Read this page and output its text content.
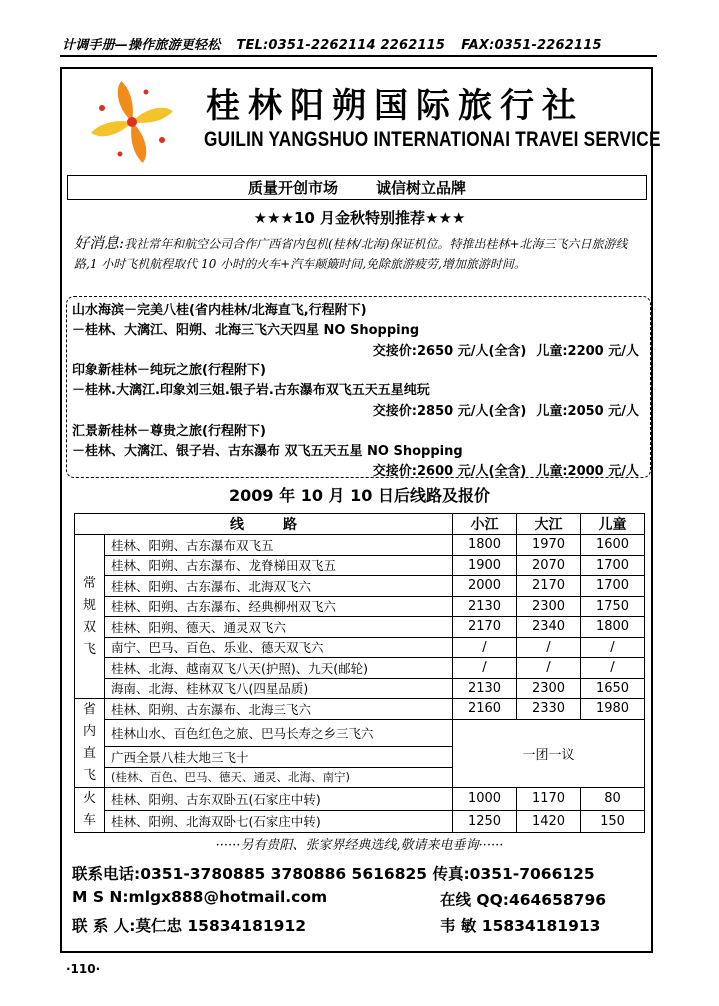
计调手册—操作旅游更轻松 TEL:0351-2262114 2262115 FAX:0351-2262115
桂林阳朔国际旅行社
GUILIN YANGSHUO INTERNATIONAI TRAVEI SERVICE
质量开创市场	诚信树立品牌
★★★10 月金秋特别推荐★★★
好消息:我社常年和航空公司合作广西省内包机(桂林/北海)保证机位。特推出桂林+北海三飞六日旅游线路,1 小时飞机航程取代 10 小时的火车+汽车颠簸时间,免除旅游疲劳,增加旅游时间。
山水海滨－完美八桂(省内桂林/北海直飞,行程附下)
－桂林、大漓江、阳朔、北海三飞六天四星 NO Shopping
交接价:2650 元/人(全含) 儿童:2200 元/人
印象新桂林－纯玩之旅(行程附下)
－桂林.大漓江.印象刘三姐.银子岩.古东瀑布双飞五天五星纯玩
交接价:2850 元/人(全含) 儿童:2050 元/人
汇景新桂林－尊贵之旅(行程附下)
－桂林、大漓江、银子岩、古东瀑布 双飞五天五星 NO Shopping
交接价:2600 元/人(全含) 儿童:2000 元/人
2009 年 10 月 10 日后线路及报价
线        路		小江	大江	儿童
常
规
双
飞	桂林、阳朔、古东瀑布双飞五	1800	1970	1600
	桂林、阳朔、古东瀑布、龙脊梯田双飞五	1900	2070	1700
	桂林、阳朔、古东瀑布、北海双飞六	2000	2170	1700
	桂林、阳朔、古东瀑布、经典柳州双飞六	2130	2300	1750
	桂林、阳朔、德天、通灵双飞六	2170	2340	1800
	南宁、巴马、百色、乐业、德天双飞六	/	/	/
	桂林、北海、越南双飞八天(护照)、九天(邮轮)	/	/	/
	海南、北海、桂林双飞八(四星品质)	2130	2300	1650
省
内
直
飞	桂林、阳朔、古东瀑布、北海三飞六	2160	2330	1980
	桂林山水、百色红色之旅、巴马长寿之乡三飞六	一团一议		
	广西全景八桂大地三飞十			
	(桂林、百色、巴马、德天、通灵、北海、南宁)			
火
车	桂林、阳朔、古东双卧五(石家庄中转)	1000	1170	80
	桂林、阳朔、北海双卧七(石家庄中转)	1250	1420	150
······另有贵阳、张家界经典选线,敬请来电垂询······
联系电话:0351-3780885 3780886 5616825 传真:0351-7066125
M S N:mlgx888@hotmail.com	在线 QQ:464658796
联 系 人:莫仁忠 15834181912	韦 敏 15834181913
·110·
